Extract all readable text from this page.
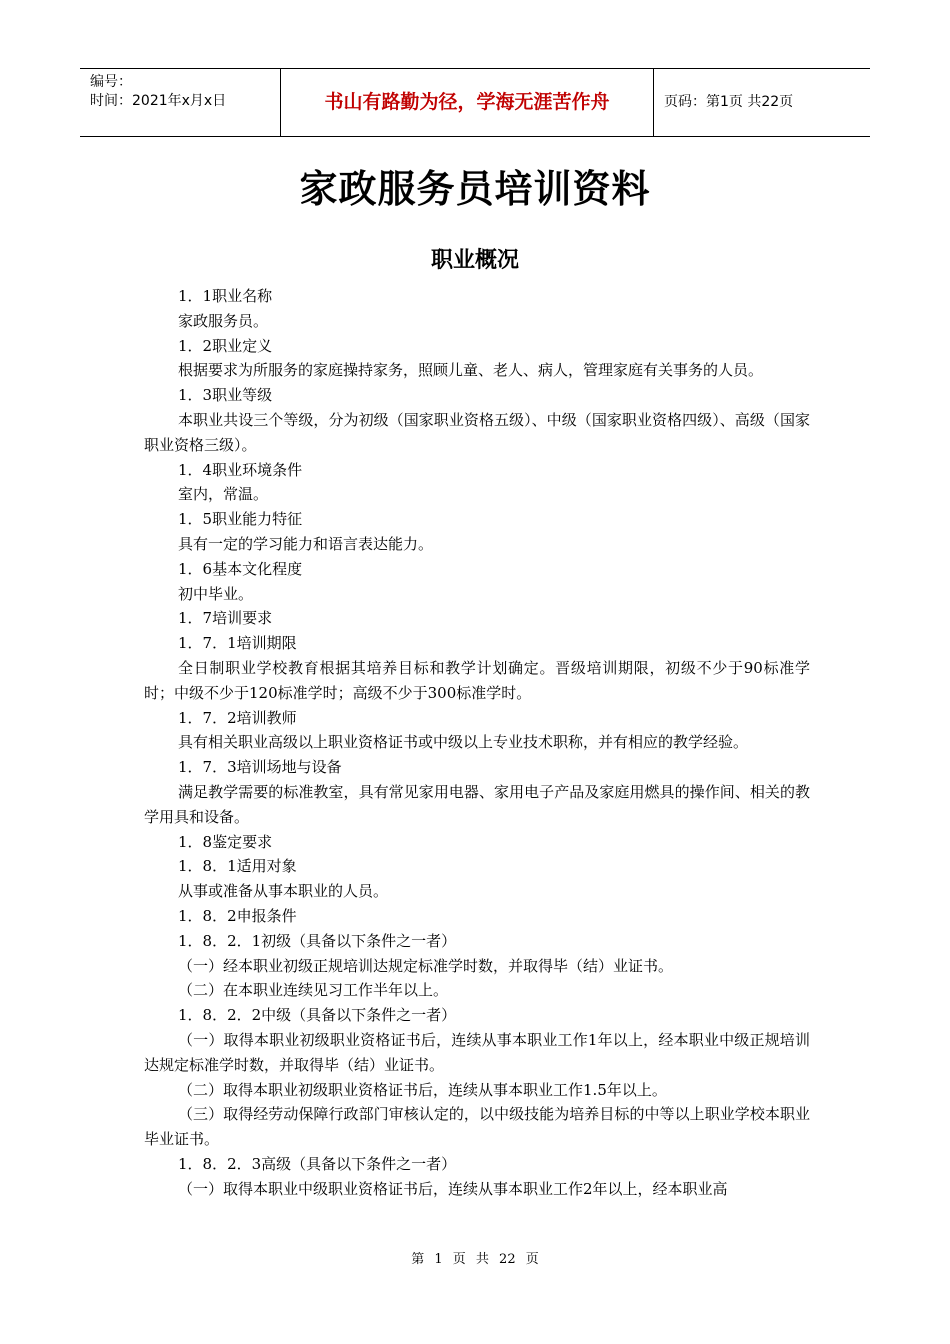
编号：
时间：2021年x月x日	书山有路勤为径，学海无涯苦作舟	页码：第1页 共22页
家政服务员培训资料
职业概况

1．1职业名称

家政服务员。

1．2职业定义

根据要求为所服务的家庭操持家务，照顾儿童、老人、病人，管理家庭有关事务的人员。

1．3职业等级

本职业共设三个等级，分为初级（国家职业资格五级）、中级（国家职业资格四级）、高级（国家职业资格三级）。

1．4职业环境条件

室内，常温。

1．5职业能力特征

具有一定的学习能力和语言表达能力。

1．6基本文化程度

初中毕业。

1．7培训要求

1．7．1培训期限

全日制职业学校教育根据其培养目标和教学计划确定。晋级培训期限，初级不少于90标准学时；中级不少于120标准学时；高级不少于300标准学时。

1．7．2培训教师

具有相关职业高级以上职业资格证书或中级以上专业技术职称，并有相应的教学经验。

1．7．3培训场地与设备

满足教学需要的标准教室，具有常见家用电器、家用电子产品及家庭用燃具的操作间、相关的教学用具和设备。

1．8鉴定要求

1．8．1适用对象

从事或准备从事本职业的人员。

1．8．2申报条件

1．8．2．1初级（具备以下条件之一者）

（一）经本职业初级正规培训达规定标准学时数，并取得毕（结）业证书。

（二）在本职业连续见习工作半年以上。

1．8．2．2中级（具备以下条件之一者）

（一）取得本职业初级职业资格证书后，连续从事本职业工作1年以上，经本职业中级正规培训达规定标准学时数，并取得毕（结）业证书。

（二）取得本职业初级职业资格证书后，连续从事本职业工作1.5年以上。

（三）取得经劳动保障行政部门审核认定的，以中级技能为培养目标的中等以上职业学校本职业毕业证书。

1．8．2．3高级（具备以下条件之一者）

（一）取得本职业中级职业资格证书后，连续从事本职业工作2年以上，经本职业高

第 1 页 共 22 页
